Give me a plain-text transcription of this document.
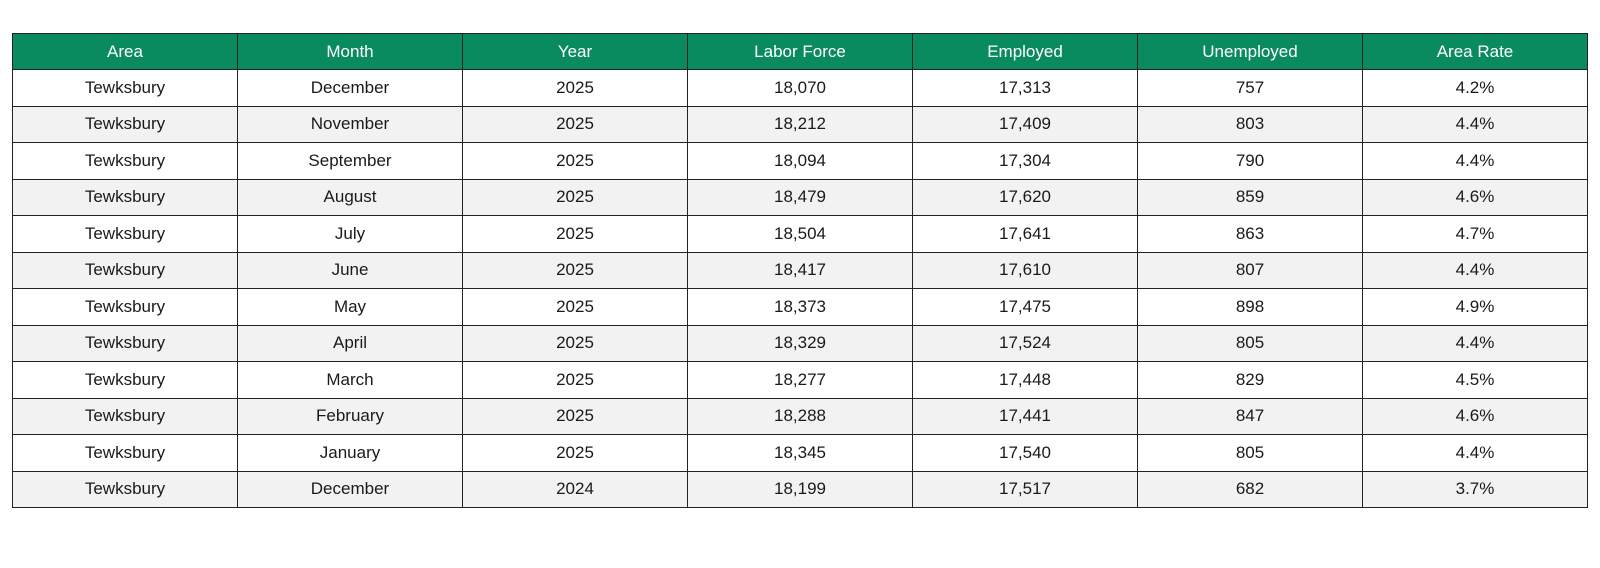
Area	Month	Year	Labor Force	Employed	Unemployed	Area Rate
Tewksbury	December	2025	18,070	17,313	757	4.2%
Tewksbury	November	2025	18,212	17,409	803	4.4%
Tewksbury	September	2025	18,094	17,304	790	4.4%
Tewksbury	August	2025	18,479	17,620	859	4.6%
Tewksbury	July	2025	18,504	17,641	863	4.7%
Tewksbury	June	2025	18,417	17,610	807	4.4%
Tewksbury	May	2025	18,373	17,475	898	4.9%
Tewksbury	April	2025	18,329	17,524	805	4.4%
Tewksbury	March	2025	18,277	17,448	829	4.5%
Tewksbury	February	2025	18,288	17,441	847	4.6%
Tewksbury	January	2025	18,345	17,540	805	4.4%
Tewksbury	December	2024	18,199	17,517	682	3.7%
